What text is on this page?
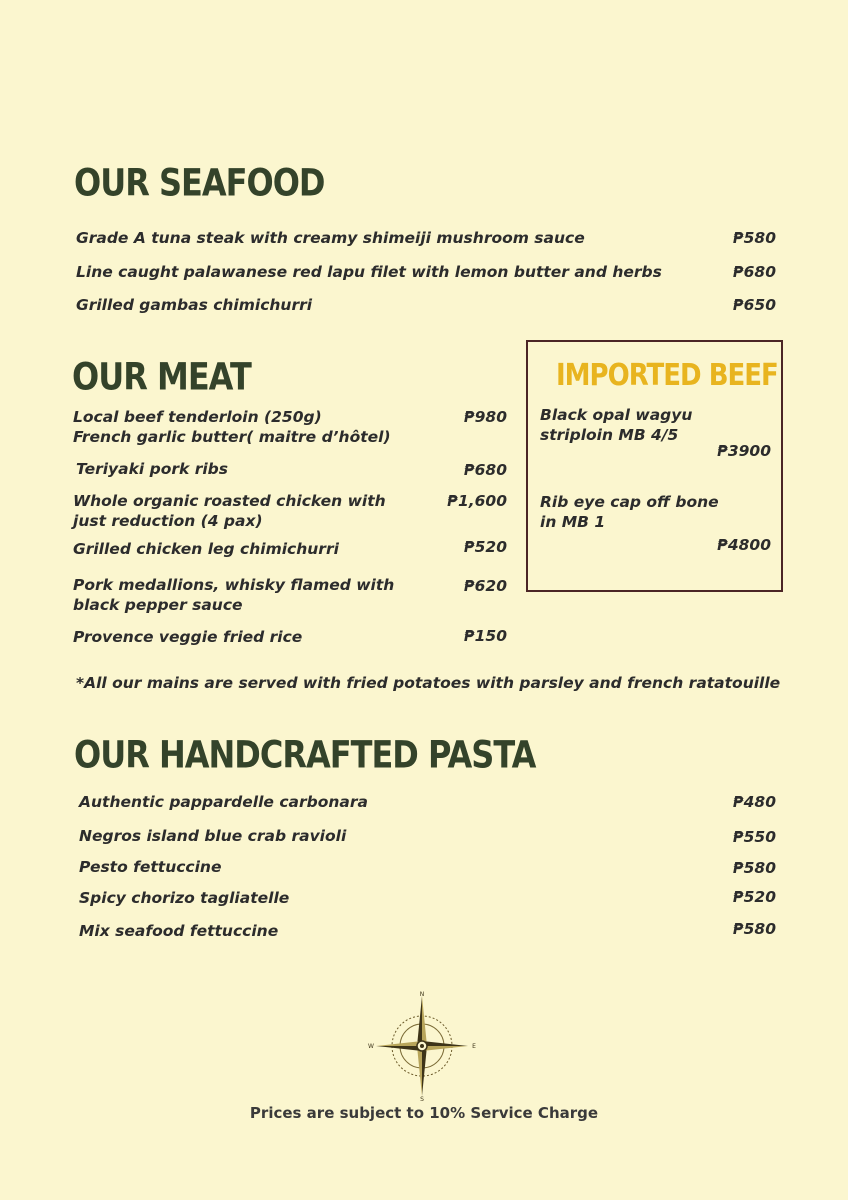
OUR SEAFOOD
Grade A tuna steak with creamy shimeiji mushroom sauce	₱580
Line caught palawanese red lapu filet with lemon butter and herbs	₱680
Grilled gambas chimichurri	₱650
OUR MEAT
Local beef tenderloin (250g)
French garlic butter( maitre d’hôtel)
₱980
Teriyaki pork ribs	₱680
Whole organic roasted chicken with
just reduction (4 pax)
₱1,600
Grilled chicken leg chimichurri	₱520
Pork medallions, whisky flamed with
black pepper sauce
₱620
Provence veggie fried rice	₱150
IMPORTED BEEF
Black opal wagyu
striploin MB 4/5
₱3900
Rib eye cap off bone
in MB 1
₱4800
*All our mains are served with fried potatoes with parsley and french ratatouille
OUR HANDCRAFTED PASTA
Authentic pappardelle carbonara	₱480
Negros island blue crab ravioli	₱550
Pesto fettuccine	₱580
Spicy chorizo tagliatelle	₱520
Mix seafood fettuccine	₱580
N
S
E
W
Prices are subject to 10% Service Charge
